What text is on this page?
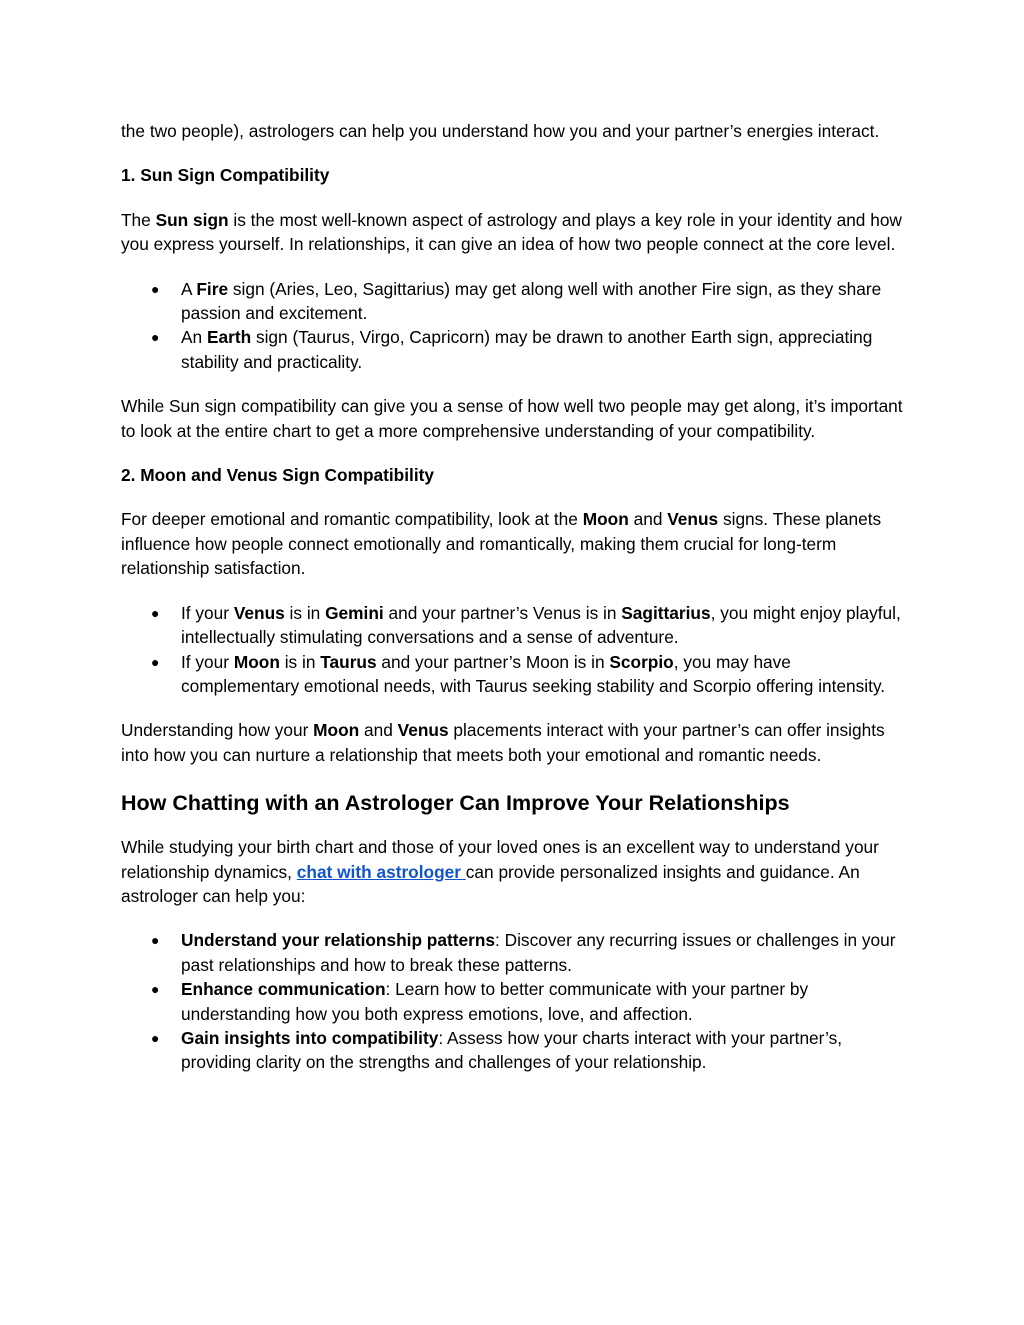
the two people), astrologers can help you understand how you and your partner’s energies interact.

1. Sun Sign Compatibility

The Sun sign is the most well-known aspect of astrology and plays a key role in your identity and how you express yourself. In relationships, it can give an idea of how two people connect at the core level.

● A Fire sign (Aries, Leo, Sagittarius) may get along well with another Fire sign, as they share passion and excitement.
● An Earth sign (Taurus, Virgo, Capricorn) may be drawn to another Earth sign, appreciating stability and practicality.

While Sun sign compatibility can give you a sense of how well two people may get along, it’s important to look at the entire chart to get a more comprehensive understanding of your compatibility.

2. Moon and Venus Sign Compatibility

For deeper emotional and romantic compatibility, look at the Moon and Venus signs. These planets influence how people connect emotionally and romantically, making them crucial for long-term relationship satisfaction.

● If your Venus is in Gemini and your partner’s Venus is in Sagittarius, you might enjoy playful, intellectually stimulating conversations and a sense of adventure.
● If your Moon is in Taurus and your partner’s Moon is in Scorpio, you may have complementary emotional needs, with Taurus seeking stability and Scorpio offering intensity.

Understanding how your Moon and Venus placements interact with your partner’s can offer insights into how you can nurture a relationship that meets both your emotional and romantic needs.

How Chatting with an Astrologer Can Improve Your Relationships

While studying your birth chart and those of your loved ones is an excellent way to understand your relationship dynamics, chat with astrologer can provide personalized insights and guidance. An astrologer can help you:

● Understand your relationship patterns: Discover any recurring issues or challenges in your past relationships and how to break these patterns.
● Enhance communication: Learn how to better communicate with your partner by understanding how you both express emotions, love, and affection.
● Gain insights into compatibility: Assess how your charts interact with your partner’s, providing clarity on the strengths and challenges of your relationship.
